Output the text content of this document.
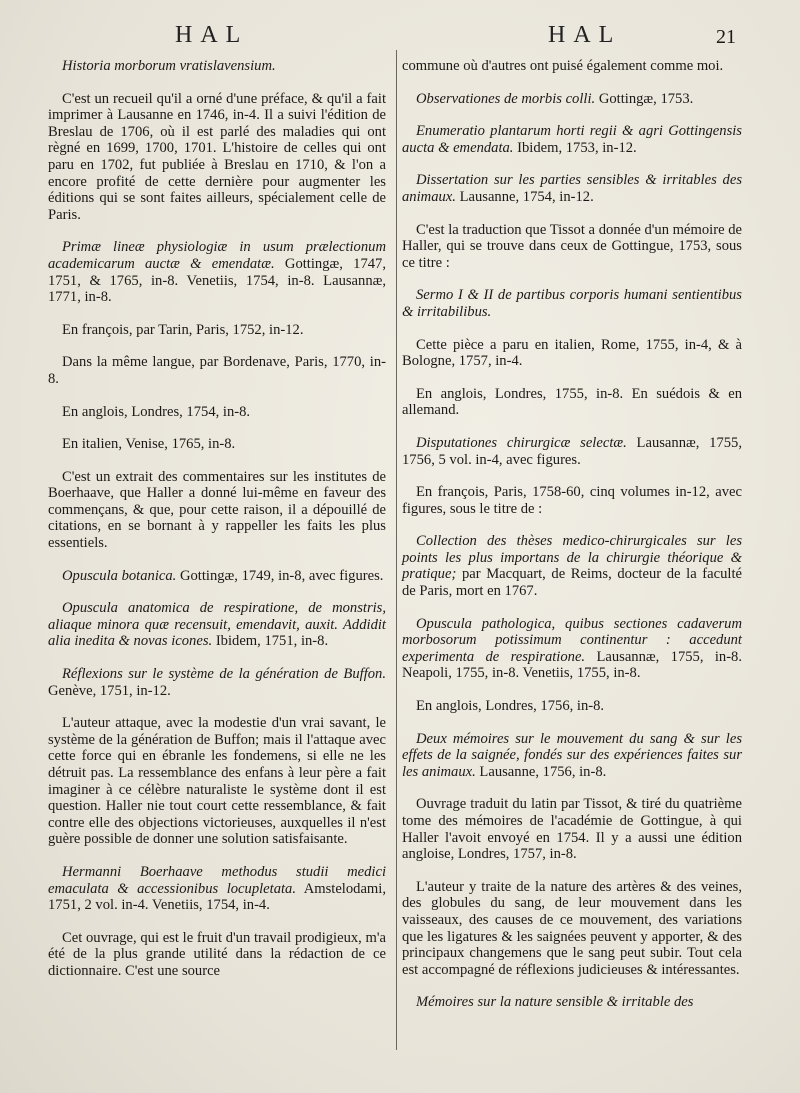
HAL	HAL	21

Historia morborum vratislavensium.

C'est un recueil qu'il a orné d'une préface, & qu'il a fait imprimer à Lausanne en 1746, in-4. Il a suivi l'édition de Breslau de 1706, où il est parlé des maladies qui ont règné en 1699, 1700, 1701. L'histoire de celles qui ont paru en 1702, fut publiée à Breslau en 1710, & l'on a encore profité de cette dernière pour augmenter les éditions qui se sont faites ailleurs, spécialement celle de Paris.

Primæ lineæ physiologiæ in usum prælectionum academicarum auctæ & emendatæ. Gottingæ, 1747, 1751, & 1765, in-8. Venetiis, 1754, in-8. Lausannæ, 1771, in-8.

En françois, par Tarin, Paris, 1752, in-12.

Dans la même langue, par Bordenave, Paris, 1770, in-8.

En anglois, Londres, 1754, in-8.

En italien, Venise, 1765, in-8.

C'est un extrait des commentaires sur les institutes de Boerhaave, que Haller a donné lui-même en faveur des commençans, & que, pour cette raison, il a dépouillé de citations, en se bornant à y rappeller les faits les plus essentiels.

Opuscula botanica. Gottingæ, 1749, in-8, avec figures.

Opuscula anatomica de respiratione, de monstris, aliaque minora quæ recensuit, emendavit, auxit. Addidit alia inedita & novas icones. Ibidem, 1751, in-8.

Réflexions sur le système de la génération de Buffon. Genève, 1751, in-12.

L'auteur attaque, avec la modestie d'un vrai savant, le système de la génération de Buffon; mais il l'attaque avec cette force qui en ébranle les fondemens, si elle ne les détruit pas. La ressemblance des enfans à leur père a fait imaginer à ce célèbre naturaliste le système dont il est question. Haller nie tout court cette ressemblance, & fait contre elle des objections victorieuses, auxquelles il n'est guère possible de donner une solution satisfaisante.

Hermanni Boerhaave methodus studii medici emaculata & accessionibus locupletata. Amstelodami, 1751, 2 vol. in-4. Venetiis, 1754, in-4.

Cet ouvrage, qui est le fruit d'un travail prodigieux, m'a été de la plus grande utilité dans la rédaction de ce dictionnaire. C'est une source

commune où d'autres ont puisé également comme moi.

Observationes de morbis colli. Gottingæ, 1753.

Enumeratio plantarum horti regii & agri Gottingensis aucta & emendata. Ibidem, 1753, in-12.

Dissertation sur les parties sensibles & irritables des animaux. Lausanne, 1754, in-12.

C'est la traduction que Tissot a donnée d'un mémoire de Haller, qui se trouve dans ceux de Gottingue, 1753, sous ce titre :

Sermo I & II de partibus corporis humani sentientibus & irritabilibus.

Cette pièce a paru en italien, Rome, 1755, in-4, & à Bologne, 1757, in-4.

En anglois, Londres, 1755, in-8. En suédois & en allemand.

Disputationes chirurgicæ selectæ. Lausannæ, 1755, 1756, 5 vol. in-4, avec figures.

En françois, Paris, 1758-60, cinq volumes in-12, avec figures, sous le titre de :

Collection des thèses medico-chirurgicales sur les points les plus importans de la chirurgie théorique & pratique; par Macquart, de Reims, docteur de la faculté de Paris, mort en 1767.

Opuscula pathologica, quibus sectiones cadaverum morbosorum potissimum continentur : accedunt experimenta de respiratione. Lausannæ, 1755, in-8. Neapoli, 1755, in-8. Venetiis, 1755, in-8.

En anglois, Londres, 1756, in-8.

Deux mémoires sur le mouvement du sang & sur les effets de la saignée, fondés sur des expériences faites sur les animaux. Lausanne, 1756, in-8.

Ouvrage traduit du latin par Tissot, & tiré du quatrième tome des mémoires de l'académie de Gottingue, à qui Haller l'avoit envoyé en 1754. Il y a aussi une édition angloise, Londres, 1757, in-8.

L'auteur y traite de la nature des artères & des veines, des globules du sang, de leur mouvement dans les vaisseaux, des causes de ce mouvement, des variations que les ligatures & les saignées peuvent y apporter, & des principaux changemens que le sang peut subir. Tout cela est accompagné de réflexions judicieuses & intéressantes.

Mémoires sur la nature sensible & irritable des
